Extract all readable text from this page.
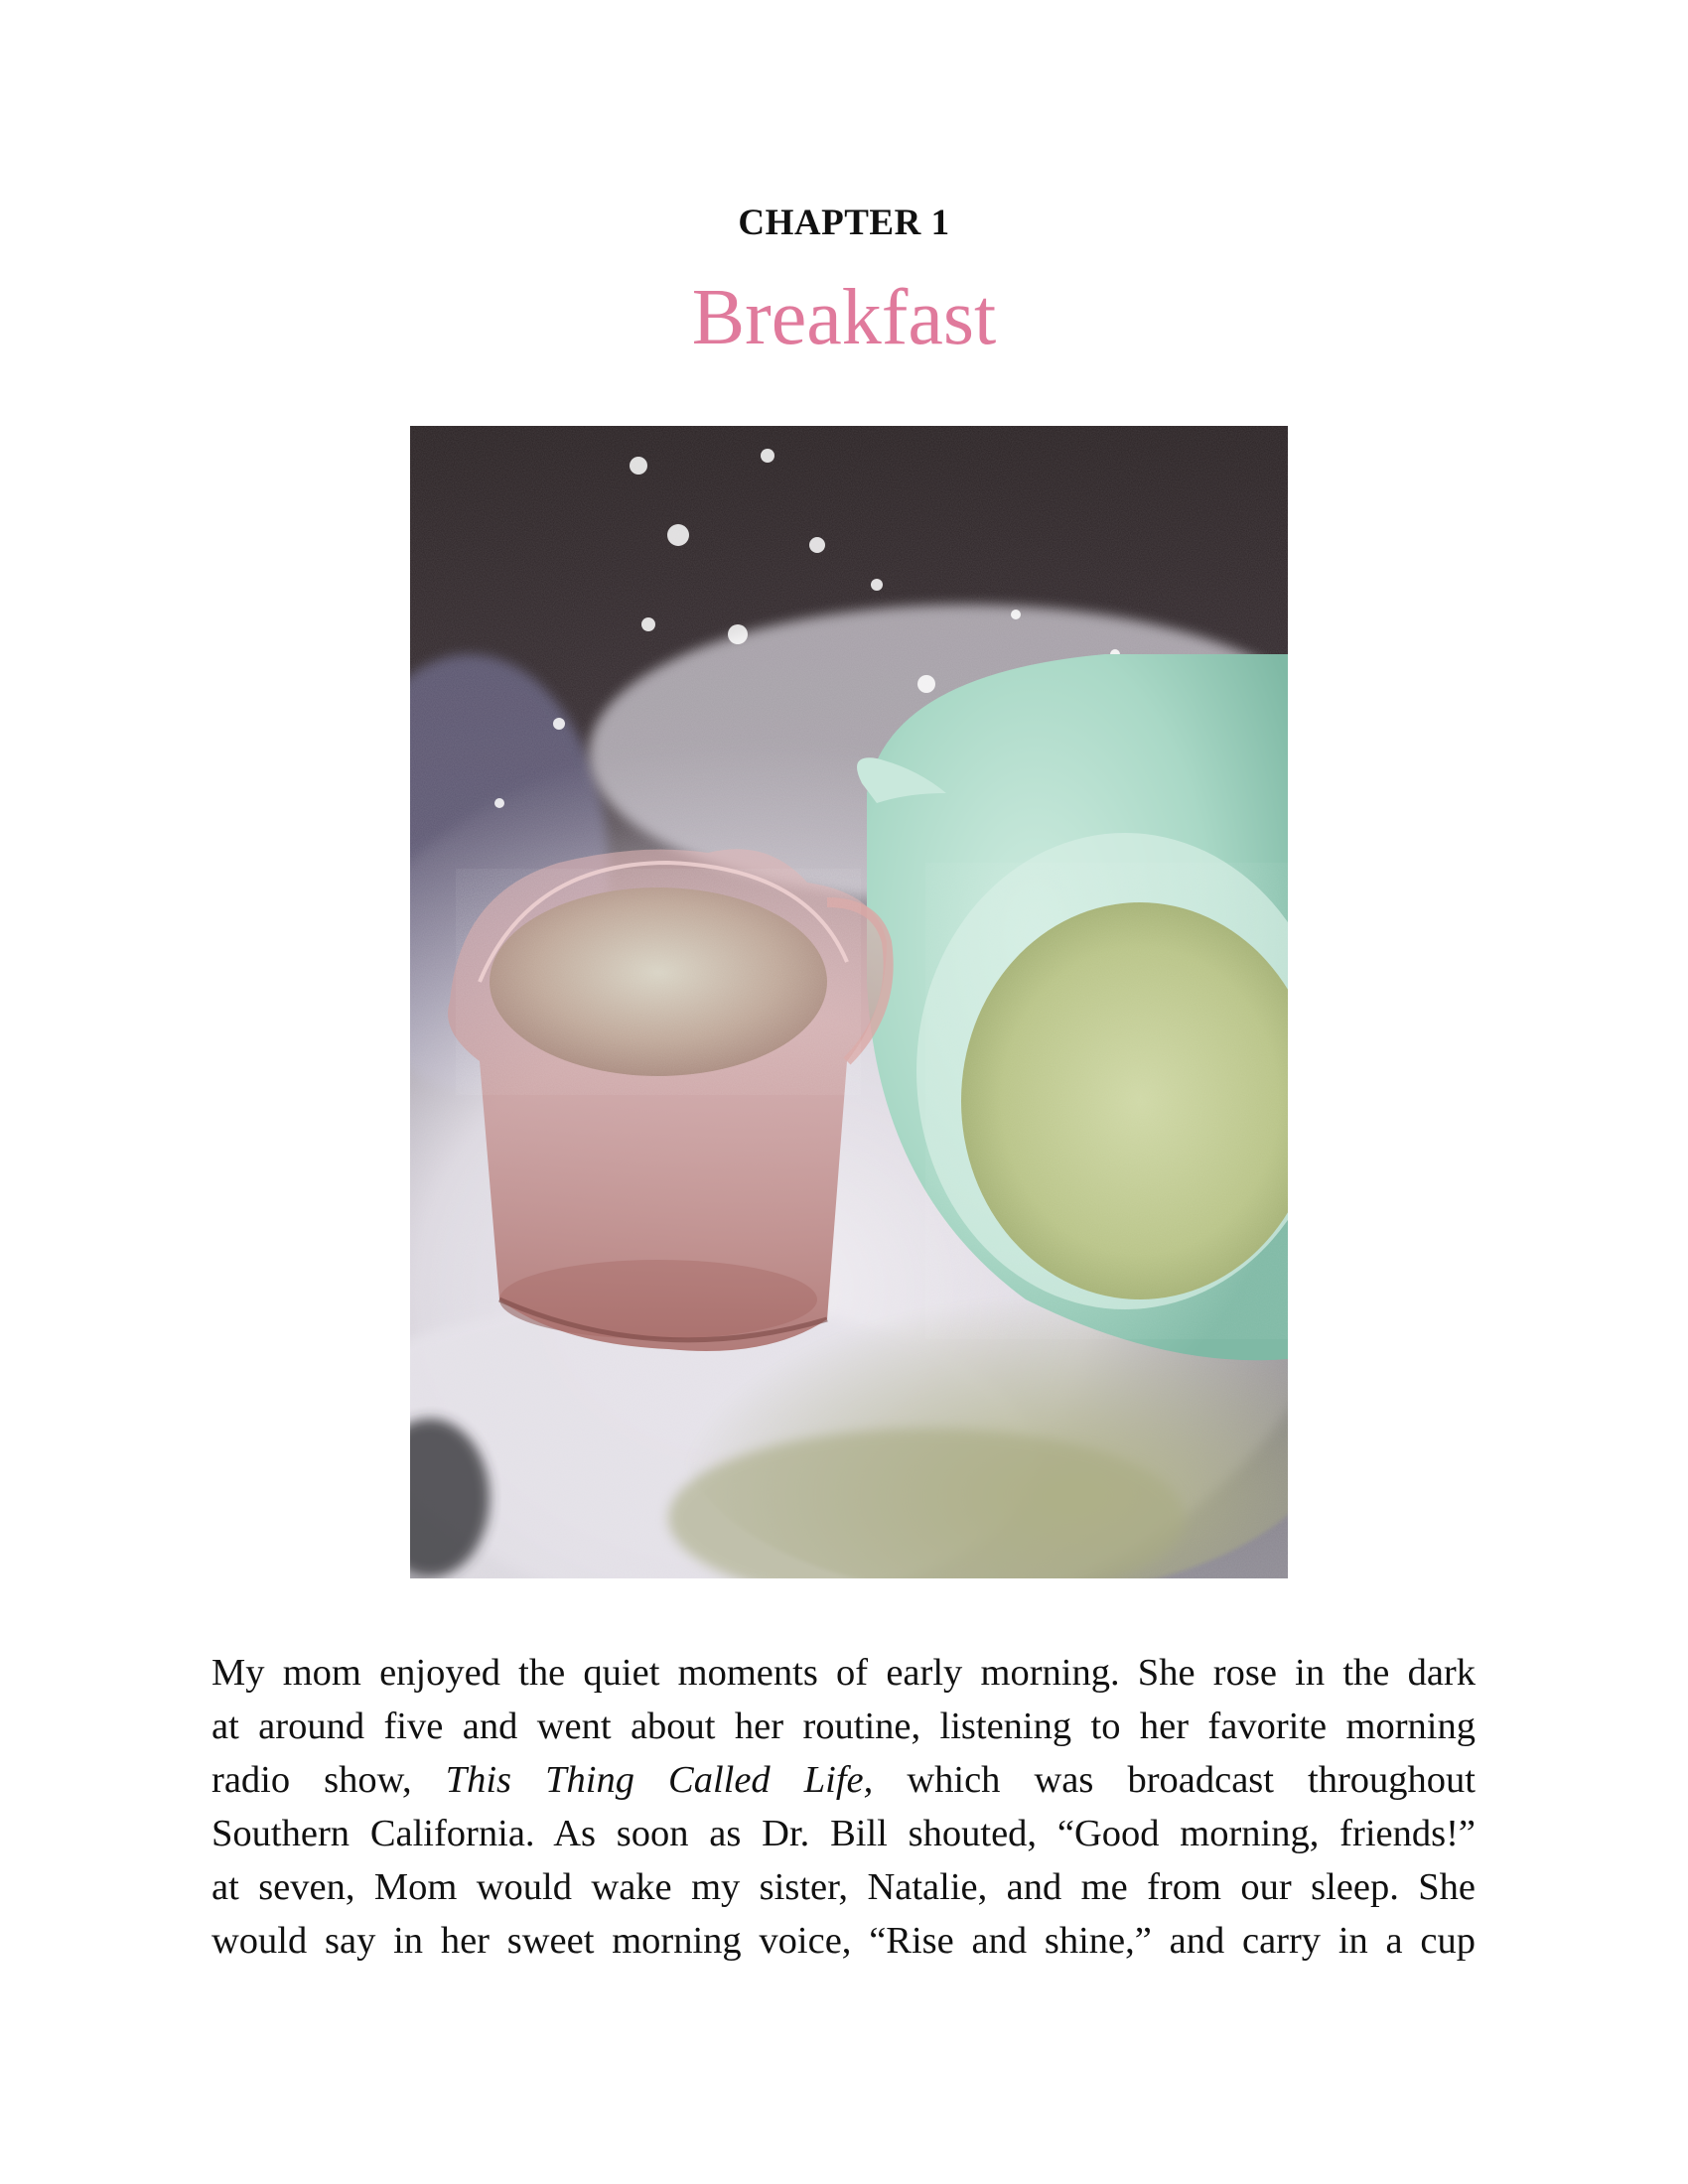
CHAPTER 1
Breakfast
My mom enjoyed the quiet moments of early morning. She rose in the dark
at around five and went about her routine, listening to her favorite morning
radio show, This Thing Called Life, which was broadcast throughout
Southern California. As soon as Dr. Bill shouted, “Good morning, friends!”
at seven, Mom would wake my sister, Natalie, and me from our sleep. She
would say in her sweet morning voice, “Rise and shine,” and carry in a cup
